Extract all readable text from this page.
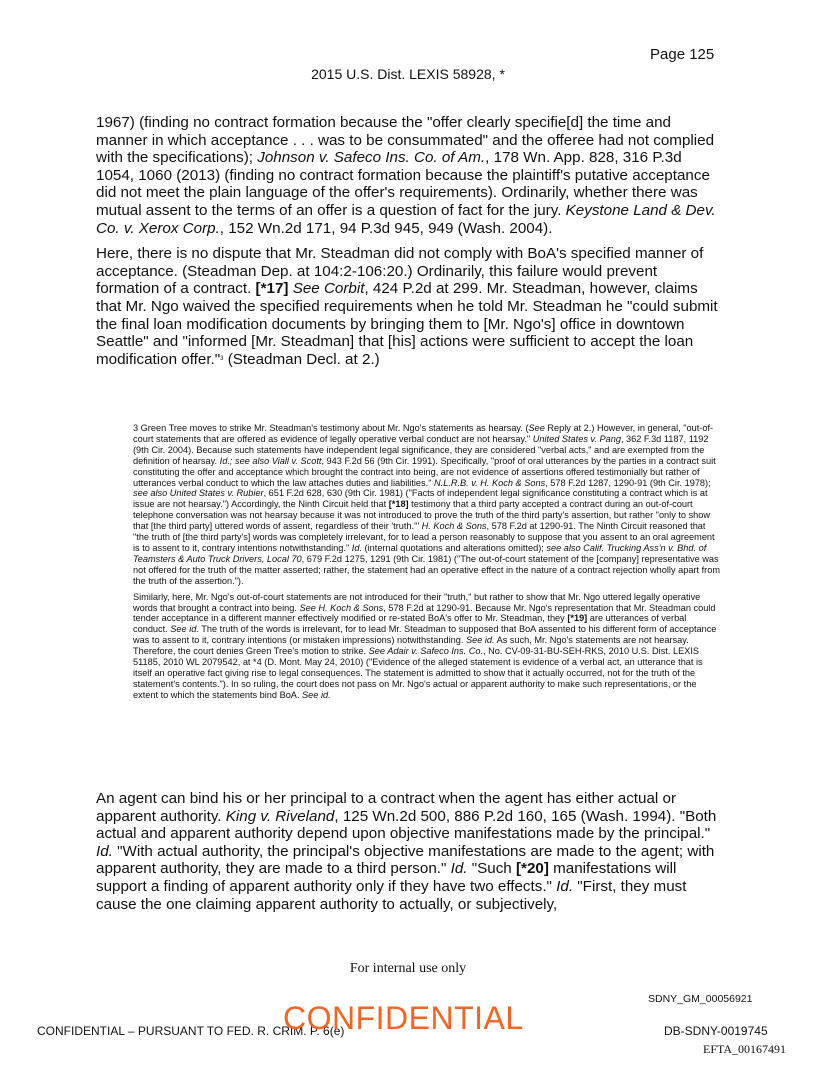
Page 125
2015 U.S. Dist. LEXIS 58928, *

1967) (finding no contract formation because the "offer clearly specifie[d] the time and manner in which acceptance . . . was to be consummated" and the offeree had not complied with the specifications); Johnson v. Safeco Ins. Co. of Am., 178 Wn. App. 828, 316 P.3d 1054, 1060 (2013) (finding no contract formation because the plaintiff's putative acceptance did not meet the plain language of the offer's requirements). Ordinarily, whether there was mutual assent to the terms of an offer is a question of fact for the jury. Keystone Land & Dev. Co. v. Xerox Corp., 152 Wn.2d 171, 94 P.3d 945, 949 (Wash. 2004).

Here, there is no dispute that Mr. Steadman did not comply with BoA's specified manner of acceptance. (Steadman Dep. at 104:2-106:20.) Ordinarily, this failure would prevent formation of a contract. [*17] See Corbit, 424 P.2d at 299. Mr. Steadman, however, claims that Mr. Ngo waived the specified requirements when he told Mr. Steadman he "could submit the final loan modification documents by bringing them to [Mr. Ngo's] office in downtown Seattle" and "informed [Mr. Steadman] that [his] actions were sufficient to accept the loan modification offer."$^3$ (Steadman Decl. at 2.)

3 Green Tree moves to strike Mr. Steadman's testimony about Mr. Ngo's statements as hearsay. (See Reply at 2.) However, in general, "out-of-court statements that are offered as evidence of legally operative verbal conduct are not hearsay." United States v. Pang, 362 F.3d 1187, 1192 (9th Cir. 2004). Because such statements have independent legal significance, they are considered "verbal acts," and are exempted from the definition of hearsay. Id.; see also Viall v. Scott, 943 F.2d 56 (9th Cir. 1991). Specifically, "proof of oral utterances by the parties in a contract suit constituting the offer and acceptance which brought the contract into being, are not evidence of assertions offered testimonially but rather of utterances verbal conduct to which the law attaches duties and liabilities." N.L.R.B. v. H. Koch & Sons, 578 F.2d 1287, 1290-91 (9th Cir. 1978); see also United States v. Rubier, 651 F.2d 628, 630 (9th Cir. 1981) ("Facts of independent legal significance constituting a contract which is at issue are not hearsay.") Accordingly, the Ninth Circuit held that [*18] testimony that a third party accepted a contract during an out-of-court telephone conversation was not hearsay because it was not introduced to prove the truth of the third party's assertion, but rather "only to show that [the third party] uttered words of assent, regardless of their 'truth.'" H. Koch & Sons, 578 F.2d at 1290-91. The Ninth Circuit reasoned that "the truth of [the third party's] words was completely irrelevant, for to lead a person reasonably to suppose that you assent to an oral agreement is to assent to it, contrary intentions notwithstanding." Id. (internal quotations and alterations omitted); see also Calif. Trucking Ass'n v. Bhd. of Teamsters & Auto Truck Drivers, Local 70, 679 F.2d 1275, 1291 (9th Cir. 1981) ("The out-of-court statement of the [company] representative was not offered for the truth of the matter asserted; rather, the statement had an operative effect in the nature of a contract rejection wholly apart from the truth of the assertion.").

Similarly, here, Mr. Ngo's out-of-court statements are not introduced for their "truth," but rather to show that Mr. Ngo uttered legally operative words that brought a contract into being. See H. Koch & Sons, 578 F.2d at 1290-91. Because Mr. Ngo's representation that Mr. Steadman could tender acceptance in a different manner effectively modified or re-stated BoA's offer to Mr. Steadman, they [*19] are utterances of verbal conduct. See id. The truth of the words is irrelevant, for to lead Mr. Steadman to supposed that BoA assented to his different form of acceptance was to assent to it, contrary intentions (or mistaken impressions) notwithstanding. See id. As such, Mr. Ngo's statements are not hearsay. Therefore, the court denies Green Tree's motion to strike. See Adair v. Safeco Ins. Co., No. CV-09-31-BU-SEH-RKS, 2010 U.S. Dist. LEXIS 51185, 2010 WL 2079542, at *4 (D. Mont. May 24, 2010) ("Evidence of the alleged statement is evidence of a verbal act, an utterance that is itself an operative fact giving rise to legal consequences. The statement is admitted to show that it actually occurred, not for the truth of the statement's contents."). In so ruling, the court does not pass on Mr. Ngo's actual or apparent authority to make such representations, or the extent to which the statements bind BoA. See id.

An agent can bind his or her principal to a contract when the agent has either actual or apparent authority. King v. Riveland, 125 Wn.2d 500, 886 P.2d 160, 165 (Wash. 1994). "Both actual and apparent authority depend upon objective manifestations made by the principal." Id. "With actual authority, the principal's objective manifestations are made to the agent; with apparent authority, they are made to a third person." Id. "Such [*20] manifestations will support a finding of apparent authority only if they have two effects." Id. "First, they must cause the one claiming apparent authority to actually, or subjectively,

For internal use only
SDNY_GM_00056921
CONFIDENTIAL – PURSUANT TO FED. R. CRIM. P. 6(e)
CONFIDENTIAL	DB-SDNY-0019745
EFTA_00167491
